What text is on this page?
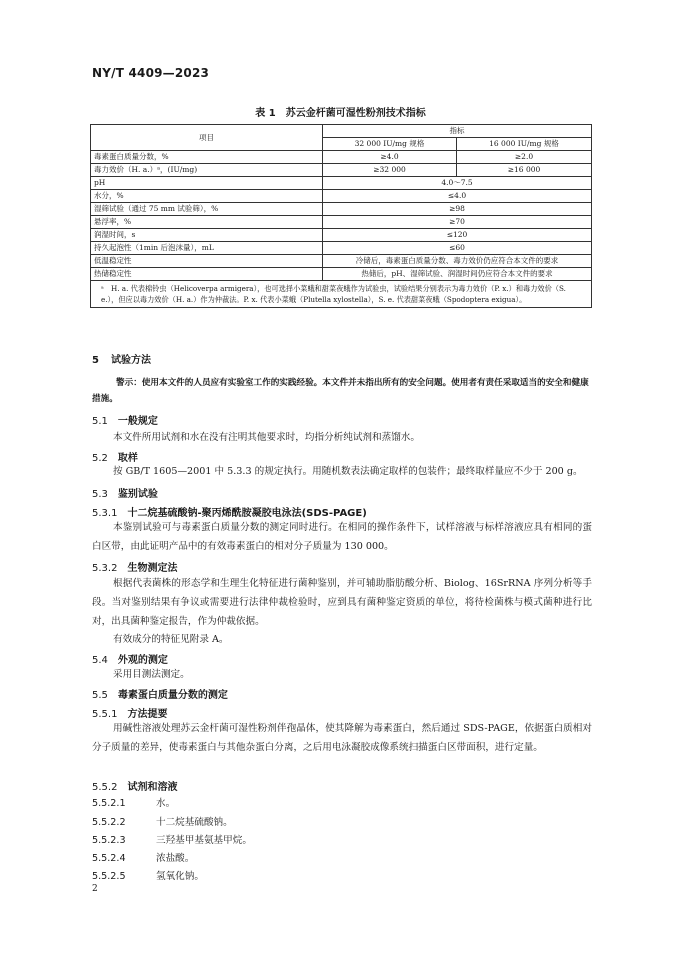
NY/T 4409—2023
表 1　苏云金杆菌可湿性粉剂技术指标
项目	指标	
	32 000 IU/mg 规格	16 000 IU/mg 规格
毒素蛋白质量分数，%	≥4.0	≥2.0
毒力效价（H. a.）ᵃ，(IU/mg)	≥32 000	≥16 000
pH	4.0～7.5	
水分，%	≤4.0	
湿筛试验（通过 75 mm 试验筛），%	≥98	
悬浮率，%	≥70	
润湿时间，s	≤120	
持久起泡性（1min 后泡沫量），mL	≤60	
低温稳定性	冷储后，毒素蛋白质量分数、毒力效价仍应符合本文件的要求	
热储稳定性	热储后，pH、湿筛试验、润湿时间仍应符合本文件的要求	
ᵃ　H. a. 代表棉铃虫（Helicoverpa armigera），也可选择小菜蛾和甜菜夜蛾作为试验虫，试验结果分别表示为毒力效价（P. x.）和毒力效价（S. e.），但应以毒力效价（H. a.）作为仲裁法。P. x. 代表小菜蛾（Plutella xylostella），S. e. 代表甜菜夜蛾（Spodoptera exigua）。		
5 试验方法
警示：使用本文件的人员应有实验室工作的实践经验。本文件并未指出所有的安全问题。使用者有责任采取适当的安全和健康措施。
5.1 一般规定
本文件所用试剂和水在没有注明其他要求时，均指分析纯试剂和蒸馏水。
5.2 取样
按 GB/T 1605—2001 中 5.3.3 的规定执行。用随机数表法确定取样的包装件；最终取样量应不少于 200 g。
5.3 鉴别试验
5.3.1 十二烷基硫酸钠-聚丙烯酰胺凝胶电泳法(SDS-PAGE)
本鉴别试验可与毒素蛋白质量分数的测定同时进行。在相同的操作条件下，试样溶液与标样溶液应具有相同的蛋白区带，由此证明产品中的有效毒素蛋白的相对分子质量为 130 000。
5.3.2 生物测定法
根据代表菌株的形态学和生理生化特征进行菌种鉴别，并可辅助脂肪酸分析、Biolog、16SrRNA 序列分析等手段。当对鉴别结果有争议或需要进行法律仲裁检验时，应到具有菌种鉴定资质的单位，将待检菌株与模式菌种进行比对，出具菌种鉴定报告，作为仲裁依据。
有效成分的特征见附录 A。
5.4 外观的测定
采用目测法测定。
5.5 毒素蛋白质量分数的测定
5.5.1 方法提要
用碱性溶液处理苏云金杆菌可湿性粉剂伴孢晶体，使其降解为毒素蛋白，然后通过 SDS-PAGE，依据蛋白质相对分子质量的差异，使毒素蛋白与其他杂蛋白分离，之后用电泳凝胶成像系统扫描蛋白区带面积，进行定量。
5.5.2 试剂和溶液
5.5.2.1	水。
5.5.2.2	十二烷基硫酸钠。
5.5.2.3	三羟基甲基氨基甲烷。
5.5.2.4	浓盐酸。
5.5.2.5	氢氧化钠。
2
